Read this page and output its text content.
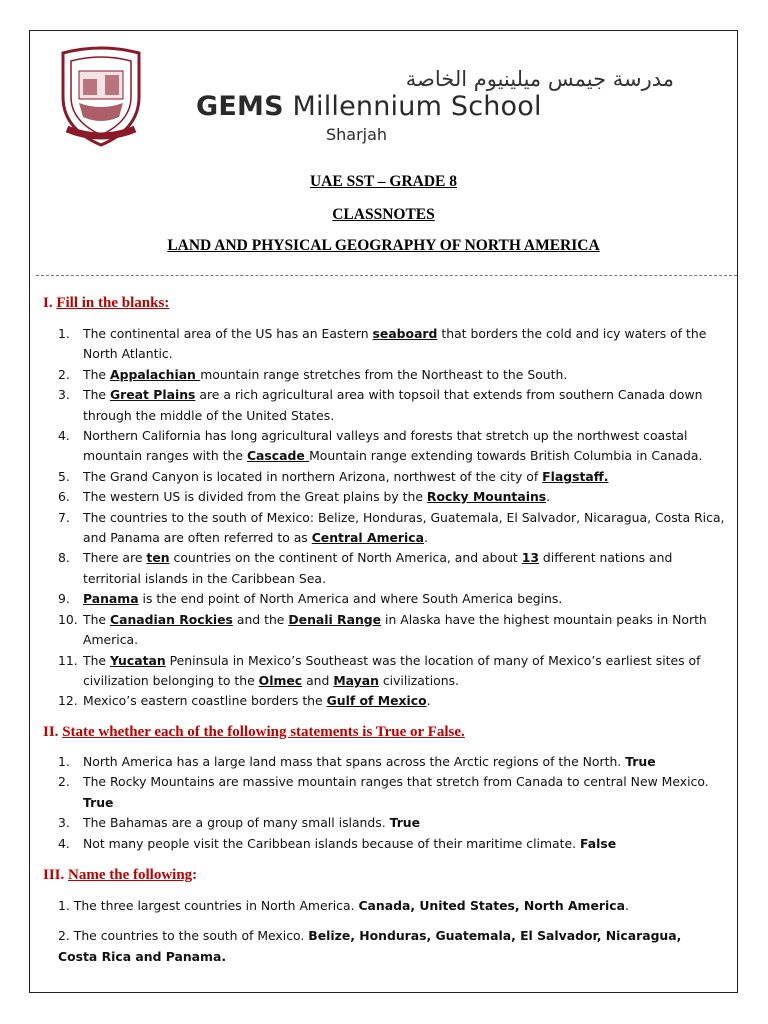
مدرسة جيمس ميلينيوم الخاصة
GEMS Millennium School
Sharjah
UAE SST – GRADE 8
CLASSNOTES
LAND AND PHYSICAL GEOGRAPHY OF NORTH AMERICA
I. Fill in the blanks:
1. The continental area of the US has an Eastern seaboard that borders the cold and icy waters of the North Atlantic.
2. The Appalachian mountain range stretches from the Northeast to the South.
3. The Great Plains are a rich agricultural area with topsoil that extends from southern Canada down through the middle of the United States.
4. Northern California has long agricultural valleys and forests that stretch up the northwest coastal mountain ranges with the Cascade Mountain range extending towards British Columbia in Canada.
5. The Grand Canyon is located in northern Arizona, northwest of the city of Flagstaff.
6. The western US is divided from the Great plains by the Rocky Mountains.
7. The countries to the south of Mexico: Belize, Honduras, Guatemala, El Salvador, Nicaragua, Costa Rica, and Panama are often referred to as Central America.
8. There are ten countries on the continent of North America, and about 13 different nations and territorial islands in the Caribbean Sea.
9. Panama is the end point of North America and where South America begins.
10. The Canadian Rockies and the Denali Range in Alaska have the highest mountain peaks in North America.
11. The Yucatan Peninsula in Mexico’s Southeast was the location of many of Mexico’s earliest sites of civilization belonging to the Olmec and Mayan civilizations.
12. Mexico’s eastern coastline borders the Gulf of Mexico.
II. State whether each of the following statements is True or False.
1. North America has a large land mass that spans across the Arctic regions of the North. True
2. The Rocky Mountains are massive mountain ranges that stretch from Canada to central New Mexico. True
3. The Bahamas are a group of many small islands. True
4. Not many people visit the Caribbean islands because of their maritime climate. False
III. Name the following:
1. The three largest countries in North America. Canada, United States, North America.
2. The countries to the south of Mexico. Belize, Honduras, Guatemala, El Salvador, Nicaragua, Costa Rica and Panama.
